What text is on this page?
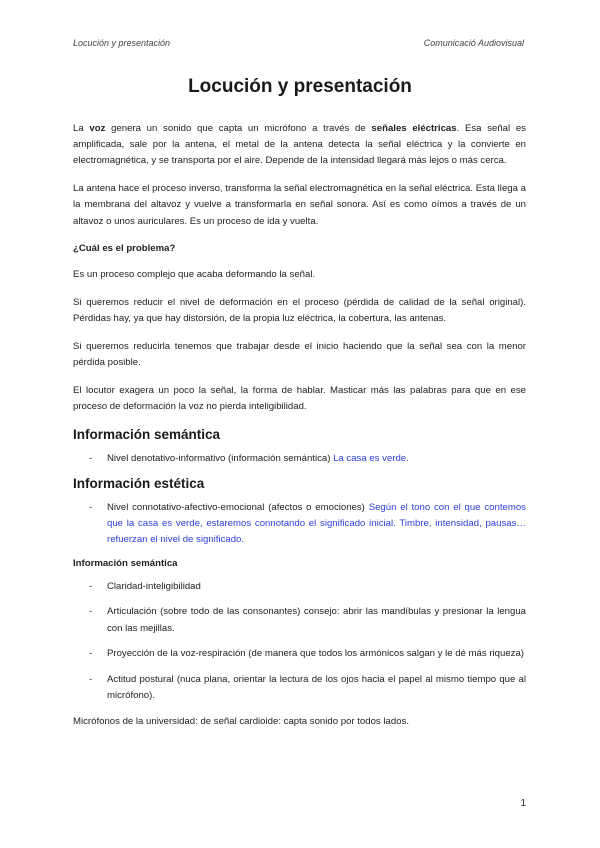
Locución y presentación	Comunicació Audiovisual
Locución y presentación

La voz genera un sonido que capta un micrófono a través de señales eléctricas. Esa señal es amplificada, sale por la antena, el metal de la antena detecta la señal eléctrica y la convierte en electromagnética, y se transporta por el aire. Depende de la intensidad llegará más lejos o más cerca.

La antena hace el proceso inverso, transforma la señal electromagnética en la señal eléctrica. Esta llega a la membrana del altavoz y vuelve a transformarla en señal sonora. Así es como oímos a través de un altavoz o unos auriculares. Es un proceso de ida y vuelta.

¿Cuál es el problema?

Es un proceso complejo que acaba deformando la señal.

Si queremos reducir el nivel de deformación en el proceso (pérdida de calidad de la señal original). Pérdidas hay, ya que hay distorsión, de la propia luz eléctrica, la cobertura, las antenas.

Si queremos reducirla tenemos que trabajar desde el inicio haciendo que la señal sea con la menor pérdida posible.

El locutor exagera un poco la señal, la forma de hablar. Masticar más las palabras para que en ese proceso de deformación la voz no pierda inteligibilidad.

Información semántica
- Nivel denotativo-informativo (información semántica) La casa es verde.
Información estética
- Nivel connotativo-afectivo-emocional (afectos o emociones) Según el tono con el que contemos que la casa es verde, estaremos connotando el significado inicial. Timbre, intensidad, pausas… refuerzan el nivel de significado.
Información semántica
- Claridad-inteligibilidad
- Articulación (sobre todo de las consonantes) consejo: abrir las mandíbulas y presionar la lengua con las mejillas.
- Proyección de la voz-respiración (de manera que todos los armónicos salgan y le dé más riqueza)
- Actitud postural (nuca plana, orientar la lectura de los ojos hacia el papel al mismo tiempo que al micrófono).

Micrófonos de la universidad: de señal cardioide: capta sonido por todos lados.

1
